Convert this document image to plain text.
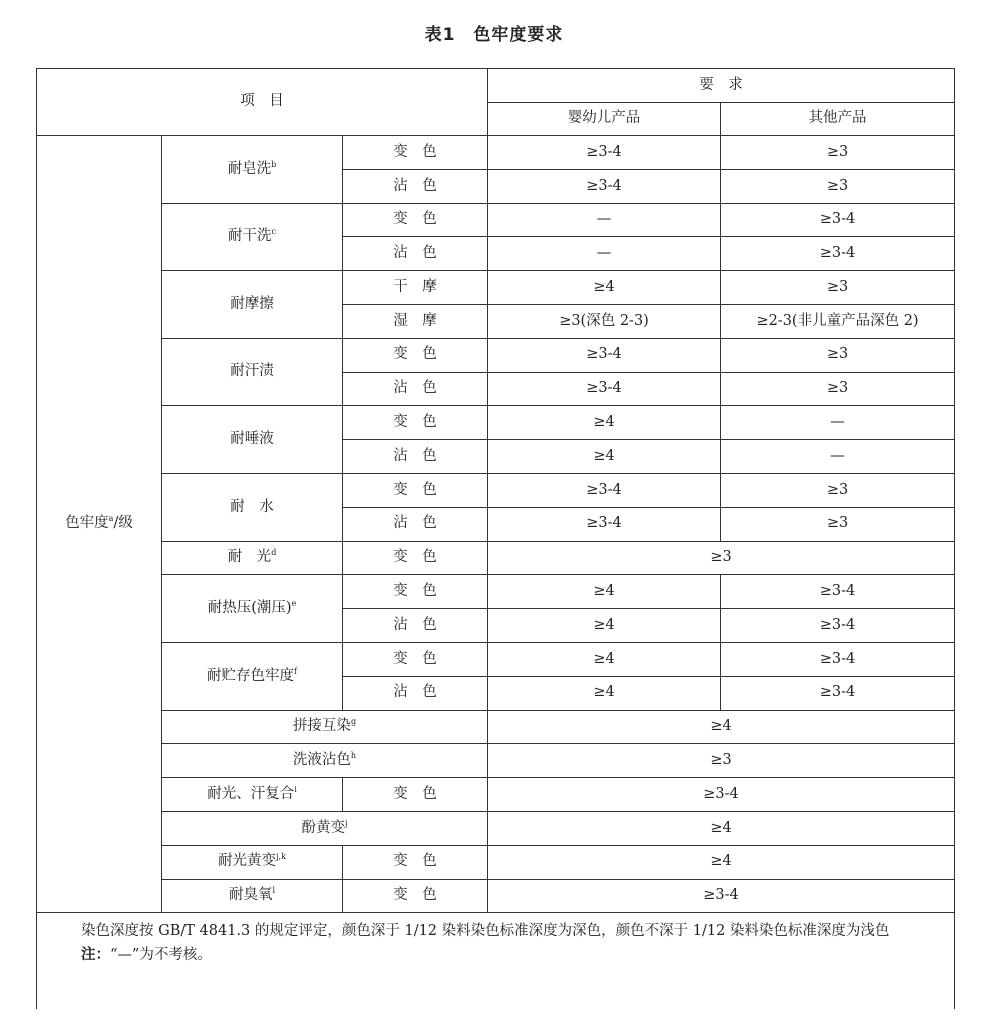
表1　色牢度要求
项　目			要　求	
			婴幼儿产品	其他产品
色牢度$^a$/级	耐皂洗$^b$	变　色	≥3-4	≥3
		沾　色	≥3-4	≥3
	耐干洗$^c$	变　色	—	≥3-4
		沾　色	—	≥3-4
	耐摩擦	干　摩	≥4	≥3
		湿　摩	≥3(深色 2-3)	≥2-3(非儿童产品深色 2)
	耐汗渍	变　色	≥3-4	≥3
		沾　色	≥3-4	≥3
	耐唾液	变　色	≥4	—
		沾　色	≥4	—
	耐　水	变　色	≥3-4	≥3
		沾　色	≥3-4	≥3
	耐　光$^d$	变　色	≥3	
	耐热压(潮压)$^e$	变　色	≥4	≥3-4
		沾　色	≥4	≥3-4
	耐贮存色牢度$^f$	变　色	≥4	≥3-4
		沾　色	≥4	≥3-4
	拼接互染$^g$		≥4	
	洗液沾色$^h$		≥3	
	耐光、汗复合$^i$	变　色	≥3-4	
	酚黄变$^j$		≥4	
	耐光黄变$^{j,k}$	变　色	≥4	
	耐臭氧$^l$	变　色	≥3-4	

染色深度按 GB/T 4841.3 的规定评定，颜色深于 1/12 染料染色标准深度为深色，颜色不深于 1/12 染料染色标准深度为浅色
注：“—”为不考核。				
